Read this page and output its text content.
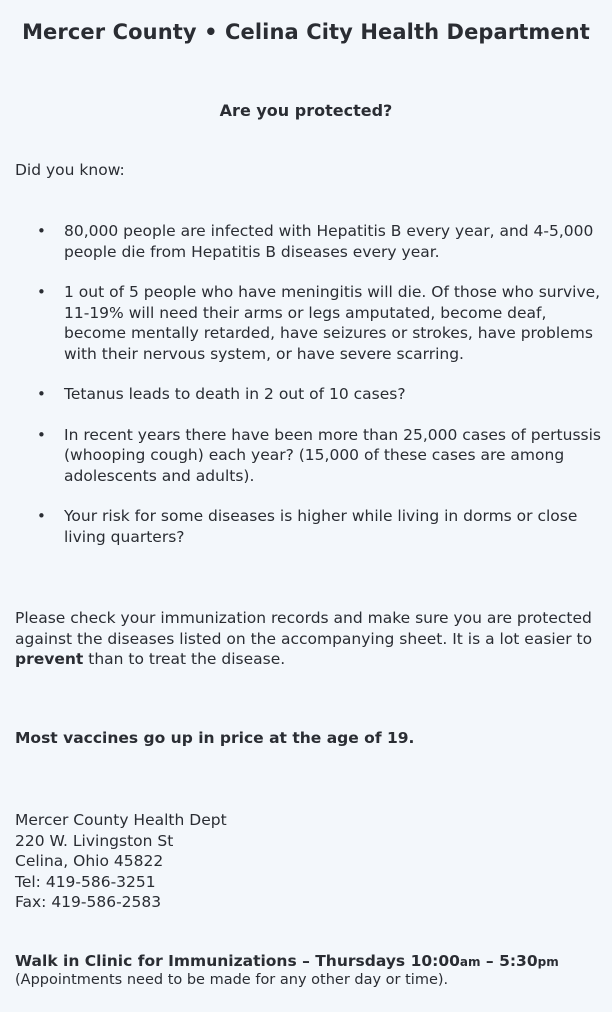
Mercer County • Celina City Health Department
Are you protected?
Did you know:
• 80,000 people are infected with Hepatitis B every year, and 4-5,000 people die from Hepatitis B diseases every year.
• 1 out of 5 people who have meningitis will die. Of those who survive, 11-19% will need their arms or legs amputated, become deaf, become mentally retarded, have seizures or strokes, have problems with their nervous system, or have severe scarring.
• Tetanus leads to death in 2 out of 10 cases?
• In recent years there have been more than 25,000 cases of pertussis (whooping cough) each year? (15,000 of these cases are among adolescents and adults).
• Your risk for some diseases is higher while living in dorms or close living quarters?
Please check your immunization records and make sure you are protected against the diseases listed on the accompanying sheet. It is a lot easier to prevent than to treat the disease.
Most vaccines go up in price at the age of 19.
Mercer County Health Dept
220 W. Livingston St
Celina, Ohio 45822
Tel: 419-586-3251
Fax: 419-586-2583
Walk in Clinic for Immunizations – Thursdays 10:00am – 5:30pm
(Appointments need to be made for any other day or time).
